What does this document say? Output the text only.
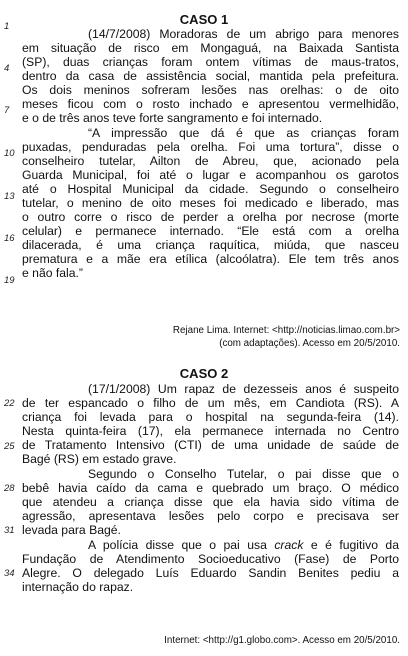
CASO 1
1
4
7
10
13
16
19
(14/7/2008) Moradoras de um abrigo para menores
em situação de risco em Mongaguá, na Baixada Santista
(SP), duas crianças foram ontem vítimas de maus-tratos,
dentro da casa de assistência social, mantida pela prefeitura.
Os dois meninos sofreram lesões nas orelhas: o de oito
meses ficou com o rosto inchado e apresentou vermelhidão,
e o de três anos teve forte sangramento e foi internado.
“A impressão que dá é que as crianças foram
puxadas, penduradas pela orelha. Foi uma tortura”, disse o
conselheiro tutelar, Ailton de Abreu, que, acionado pela
Guarda Municipal, foi até o lugar e acompanhou os garotos
até o Hospital Municipal da cidade. Segundo o conselheiro
tutelar, o menino de oito meses foi medicado e liberado, mas
o outro corre o risco de perder a orelha por necrose (morte
celular) e permanece internado. “Ele está com a orelha
dilacerada, é uma criança raquítica, miúda, que nasceu
prematura e a mãe era etílica (alcoólatra). Ele tem três anos
e não fala.”
Rejane Lima. Internet: <http://noticias.limao.com.br>
(com adaptações). Acesso em 20/5/2010.
CASO 2
22
25
28
31
34
(17/1/2008) Um rapaz de dezesseis anos é suspeito
de ter espancado o filho de um mês, em Candiota (RS). A
criança foi levada para o hospital na segunda-feira (14).
Nesta quinta-feira (17), ela permanece internada no Centro
de Tratamento Intensivo (CTI) de uma unidade de saúde de
Bagé (RS) em estado grave.
Segundo o Conselho Tutelar, o pai disse que o
bebê havia caído da cama e quebrado um braço. O médico
que atendeu a criança disse que ela havia sido vítima de
agressão, apresentava lesões pelo corpo e precisava ser
levada para Bagé.
A polícia disse que o pai usa crack e é fugitivo da
Fundação de Atendimento Socioeducativo (Fase) de Porto
Alegre. O delegado Luís Eduardo Sandin Benites pediu a
internação do rapaz.
Internet: <http://g1.globo.com>. Acesso em 20/5/2010.
